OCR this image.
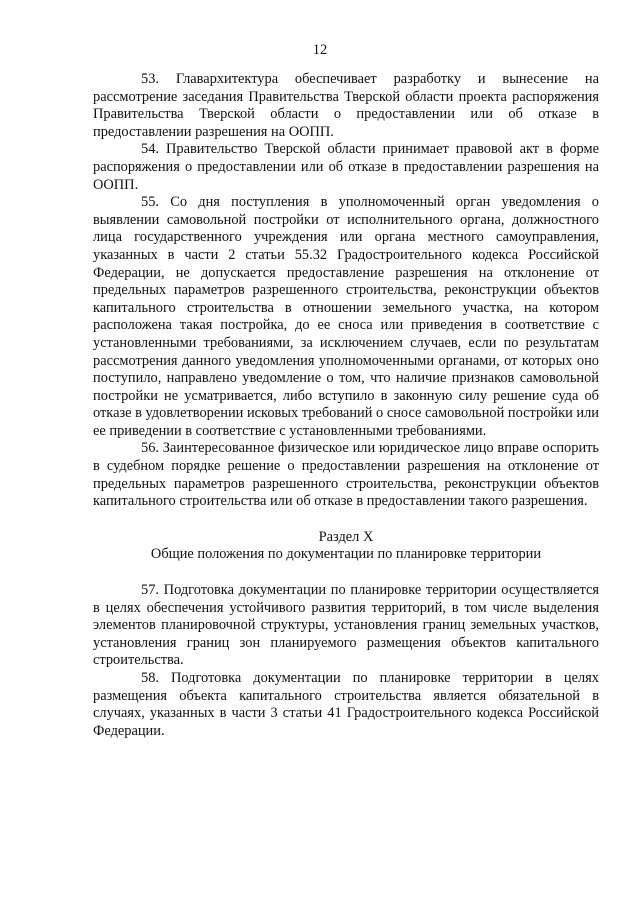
12

53. Главархитектура обеспечивает разработку и вынесение на рассмотрение заседания Правительства Тверской области проекта распоряжения Правительства Тверской области о предоставлении или об отказе в предоставлении разрешения на ООПП.

54. Правительство Тверской области принимает правовой акт в форме распоряжения о предоставлении или об отказе в предоставлении разрешения на ООПП.

55. Со дня поступления в уполномоченный орган уведомления о выявлении самовольной постройки от исполнительного органа, должностного лица государственного учреждения или органа местного самоуправления, указанных в части 2 статьи 55.32 Градостроительного кодекса Российской Федерации, не допускается предоставление разрешения на отклонение от предельных параметров разрешенного строительства, реконструкции объектов капитального строительства в отношении земельного участка, на котором расположена такая постройка, до ее сноса или приведения в соответствие с установленными требованиями, за исключением случаев, если по результатам рассмотрения данного уведомления уполномоченными органами, от которых оно поступило, направлено уведомление о том, что наличие признаков самовольной постройки не усматривается, либо вступило в законную силу решение суда об отказе в удовлетворении исковых требований о сносе самовольной постройки или ее приведении в соответствие с установленными требованиями.

56. Заинтересованное физическое или юридическое лицо вправе оспорить в судебном порядке решение о предоставлении разрешения на отклонение от предельных параметров разрешенного строительства, реконструкции объектов капитального строительства или об отказе в предоставлении такого разрешения.

Раздел X

Общие положения по документации по планировке территории

57. Подготовка документации по планировке территории осуществляется в целях обеспечения устойчивого развития территорий, в том числе выделения элементов планировочной структуры, установления границ земельных участков, установления границ зон планируемого размещения объектов капитального строительства.

58. Подготовка документации по планировке территории в целях размещения объекта капитального строительства является обязательной в случаях, указанных в части 3 статьи 41 Градостроительного кодекса Российской Федерации.
